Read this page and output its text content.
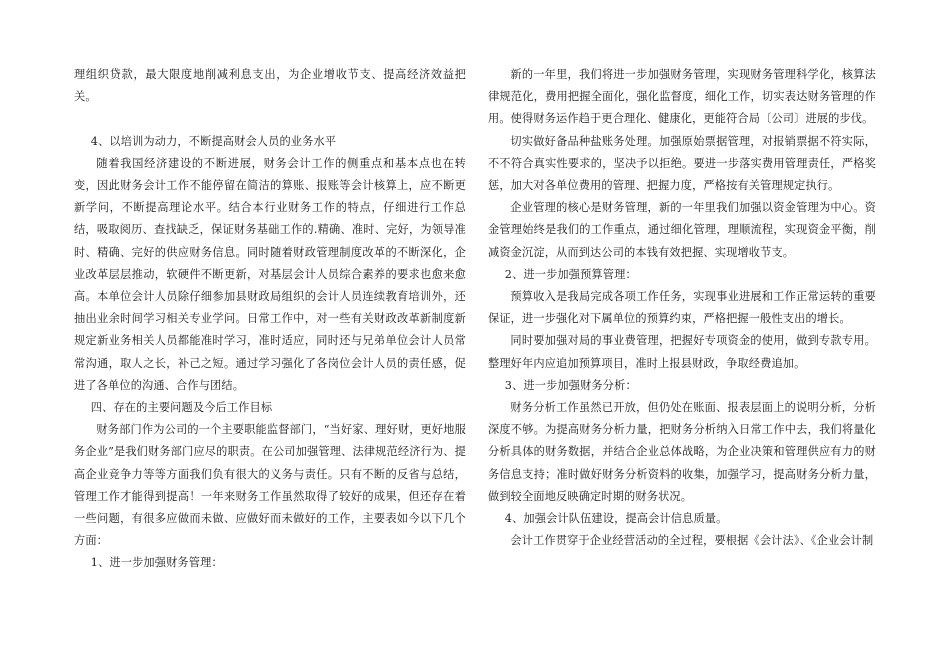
理组织贷款，最大限度地削减利息支出，为企业增收节支、提高经济效益把关。

4、以培训为动力，不断提高财会人员的业务水平

随着我国经济建设的不断进展，财务会计工作的侧重点和基本点也在转变，因此财务会计工作不能停留在简洁的算账、报账等会计核算上，应不断更新学问，不断提高理论水平。结合本行业财务工作的特点，仔细进行工作总结，吸取阅历、查找缺乏，保证财务基础工作的.精确、准时、完好，为领导准时、精确、完好的供应财务信息。同时随着财政管理制度改革的不断深化，企业改革层层推动，软硬件不断更新，对基层会计人员综合素养的要求也愈来愈高。本单位会计人员除仔细参加县财政局组织的会计人员连续教育培训外，还抽出业余时间学习相关专业学问。日常工作中，对一些有关财政改革新制度新规定新业务相关人员都能准时学习，准时适应，同时还与兄弟单位会计人员常常沟通，取人之长，补己之短。通过学习强化了各岗位会计人员的责任感，促进了各单位的沟通、合作与团结。

四、存在的主要问题及今后工作目标

财务部门作为公司的一个主要职能监督部门，“当好家、理好财，更好地服务企业”是我们财务部门应尽的职责。在公司加强管理、法律规范经济行为、提高企业竞争力等等方面我们负有很大的义务与责任。只有不断的反省与总结，管理工作才能得到提高！一年来财务工作虽然取得了较好的成果，但还存在着一些问题，有很多应做而未做、应做好而未做好的工作，主要表如今以下几个方面：

1、进一步加强财务管理：

新的一年里，我们将进一步加强财务管理，实现财务管理科学化，核算法律规范化，费用把握全面化，强化监督度，细化工作，切实表达财务管理的作用。使得财务运作趋于更合理化、健康化，更能符合局〔公司〕进展的步伐。

切实做好备品种盐账务处理。加强原始票据管理，对报销票据不符实际，不不符合真实性要求的，坚决予以拒绝。要进一步落实费用管理责任，严格奖惩，加大对各单位费用的管理、把握力度，严格按有关管理规定执行。

企业管理的核心是财务管理，新的一年里我们加强以资金管理为中心。资金管理始终是我们的工作重点，通过细化管理，理顺流程，实现资金平衡，削减资金沉淀，从而到达公司的本钱有效把握、实现增收节支。

2、进一步加强预算管理：

预算收入是我局完成各项工作任务，实现事业进展和工作正常运转的重要保证，进一步强化对下属单位的预算约束，严格把握一般性支出的增长。

同时要加强对局的事业费管理，把握好专项资金的使用，做到专款专用。整理好年内应追加预算项目，准时上报县财政，争取经费追加。

3、进一步加强财务分析：

财务分析工作虽然已开放，但仍处在账面、报表层面上的说明分析，分析深度不够。为提高财务分析力量，把财务分析纳入日常工作中去，我们将量化分析具体的财务数据，并结合企业总体战略，为企业决策和管理供应有力的财务信息支持；准时做好财务分析资料的收集，加强学习，提高财务分析力量，做到较全面地反映确定时期的财务状况。

4、加强会计队伍建设，提高会计信息质量。

会计工作贯穿于企业经营活动的全过程，要根据《会计法》、《企业会计制
